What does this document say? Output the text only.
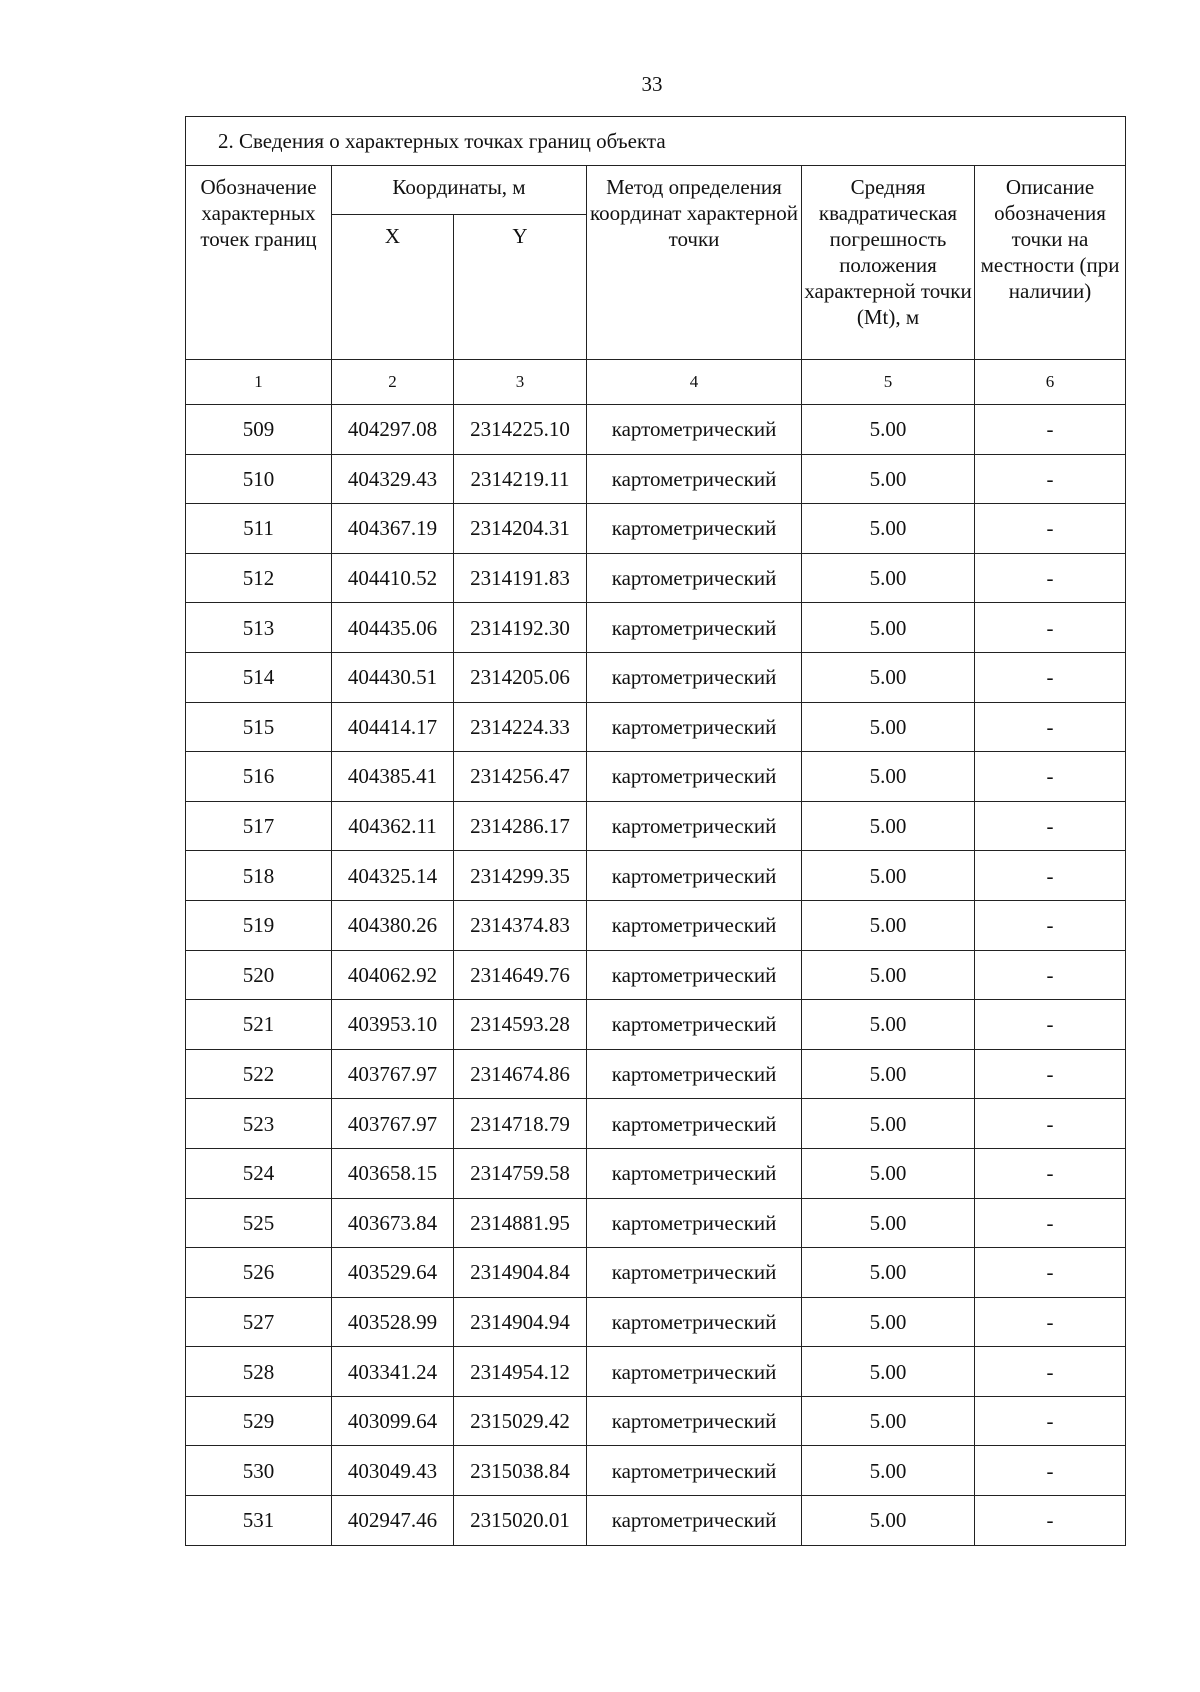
33
2. Сведения о характерных точках границ объекта					
Обозначение характерных точек границ	Координаты, м		Метод определения координат характерной точки	Средняя квадратическая погрешность положения характерной точки (Mt), м	Описание обозначения точки на местности (при наличии)
	X	Y			
1	2	3	4	5	6
509	404297.08	2314225.10	картометрический	5.00	-
510	404329.43	2314219.11	картометрический	5.00	-
511	404367.19	2314204.31	картометрический	5.00	-
512	404410.52	2314191.83	картометрический	5.00	-
513	404435.06	2314192.30	картометрический	5.00	-
514	404430.51	2314205.06	картометрический	5.00	-
515	404414.17	2314224.33	картометрический	5.00	-
516	404385.41	2314256.47	картометрический	5.00	-
517	404362.11	2314286.17	картометрический	5.00	-
518	404325.14	2314299.35	картометрический	5.00	-
519	404380.26	2314374.83	картометрический	5.00	-
520	404062.92	2314649.76	картометрический	5.00	-
521	403953.10	2314593.28	картометрический	5.00	-
522	403767.97	2314674.86	картометрический	5.00	-
523	403767.97	2314718.79	картометрический	5.00	-
524	403658.15	2314759.58	картометрический	5.00	-
525	403673.84	2314881.95	картометрический	5.00	-
526	403529.64	2314904.84	картометрический	5.00	-
527	403528.99	2314904.94	картометрический	5.00	-
528	403341.24	2314954.12	картометрический	5.00	-
529	403099.64	2315029.42	картометрический	5.00	-
530	403049.43	2315038.84	картометрический	5.00	-
531	402947.46	2315020.01	картометрический	5.00	-
